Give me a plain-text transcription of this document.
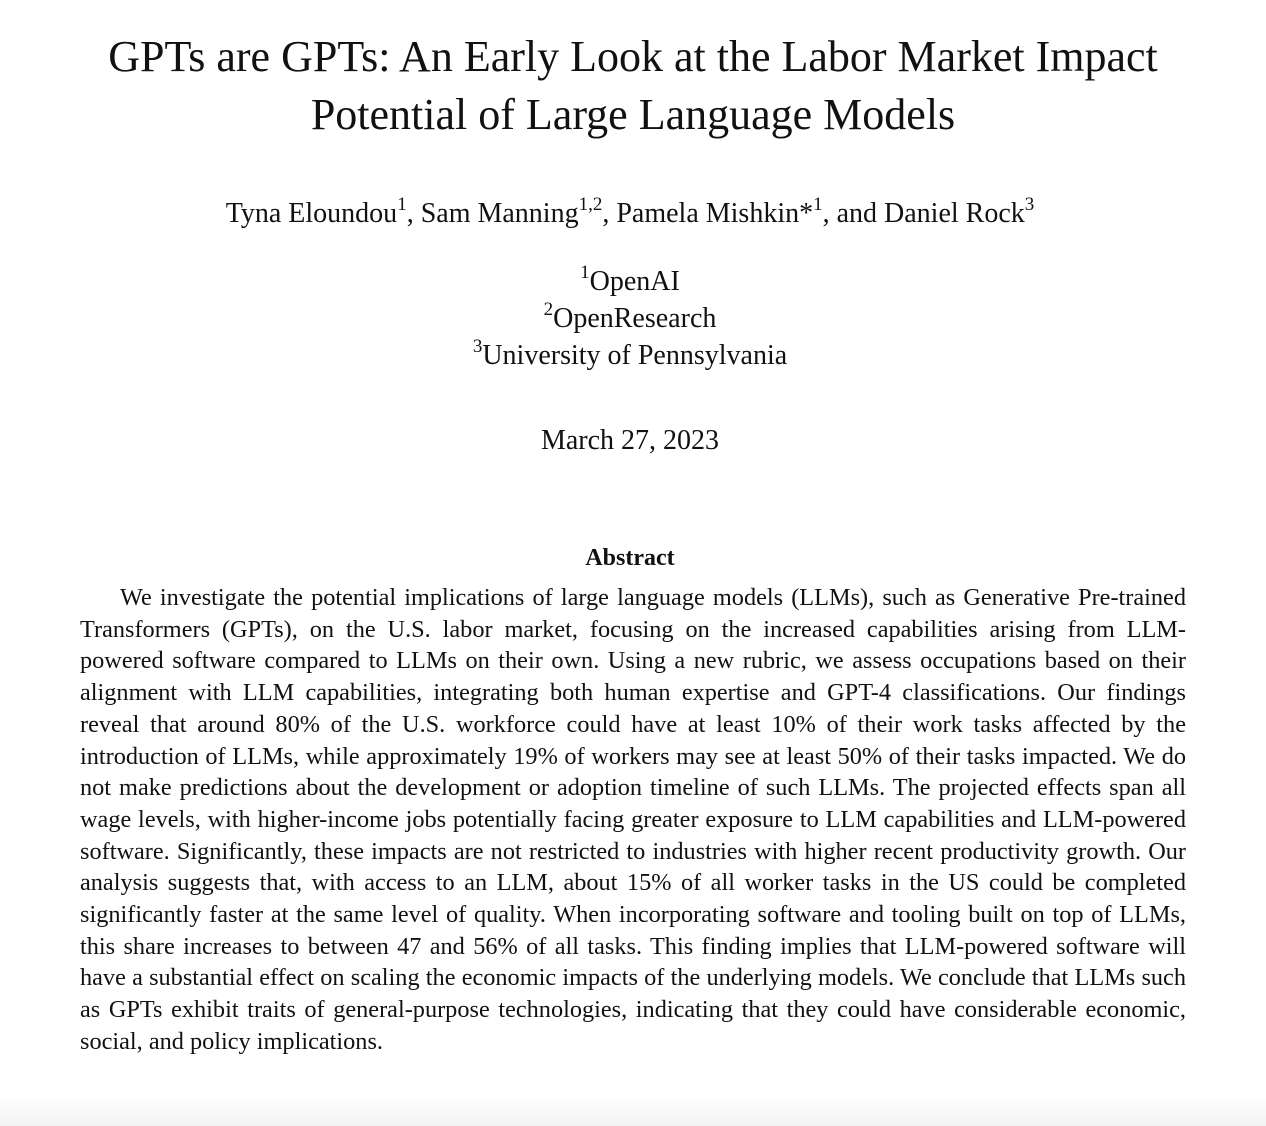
GPTs are GPTs: An Early Look at the Labor Market Impact
Potential of Large Language Models
Tyna Eloundou$^1$, Sam Manning$^{1,2}$, Pamela Mishkin*$^1$, and Daniel Rock$^3$
$^1$OpenAI
$^2$OpenResearch
$^3$University of Pennsylvania
March 27, 2023
Abstract
We investigate the potential implications of large language models (LLMs), such as Generative Pre-trained Transformers (GPTs), on the U.S. labor market, focusing on the increased capabilities arising from LLM-powered software compared to LLMs on their own. Using a new rubric, we assess occupations based on their alignment with LLM capabilities, integrating both human expertise and GPT-4 classifications. Our findings reveal that around 80% of the U.S. workforce could have at least 10% of their work tasks affected by the introduction of LLMs, while approximately 19% of workers may see at least 50% of their tasks impacted. We do not make predictions about the development or adoption timeline of such LLMs. The projected effects span all wage levels, with higher-income jobs potentially facing greater exposure to LLM capabilities and LLM-powered software. Significantly, these impacts are not restricted to industries with higher recent productivity growth. Our analysis suggests that, with access to an LLM, about 15% of all worker tasks in the US could be completed significantly faster at the same level of quality. When incorporating software and tooling built on top of LLMs, this share increases to between 47 and 56% of all tasks. This finding implies that LLM-powered software will have a substantial effect on scaling the economic impacts of the underlying models. We conclude that LLMs such as GPTs exhibit traits of general-purpose technologies, indicating that they could have considerable economic, social, and policy implications.
